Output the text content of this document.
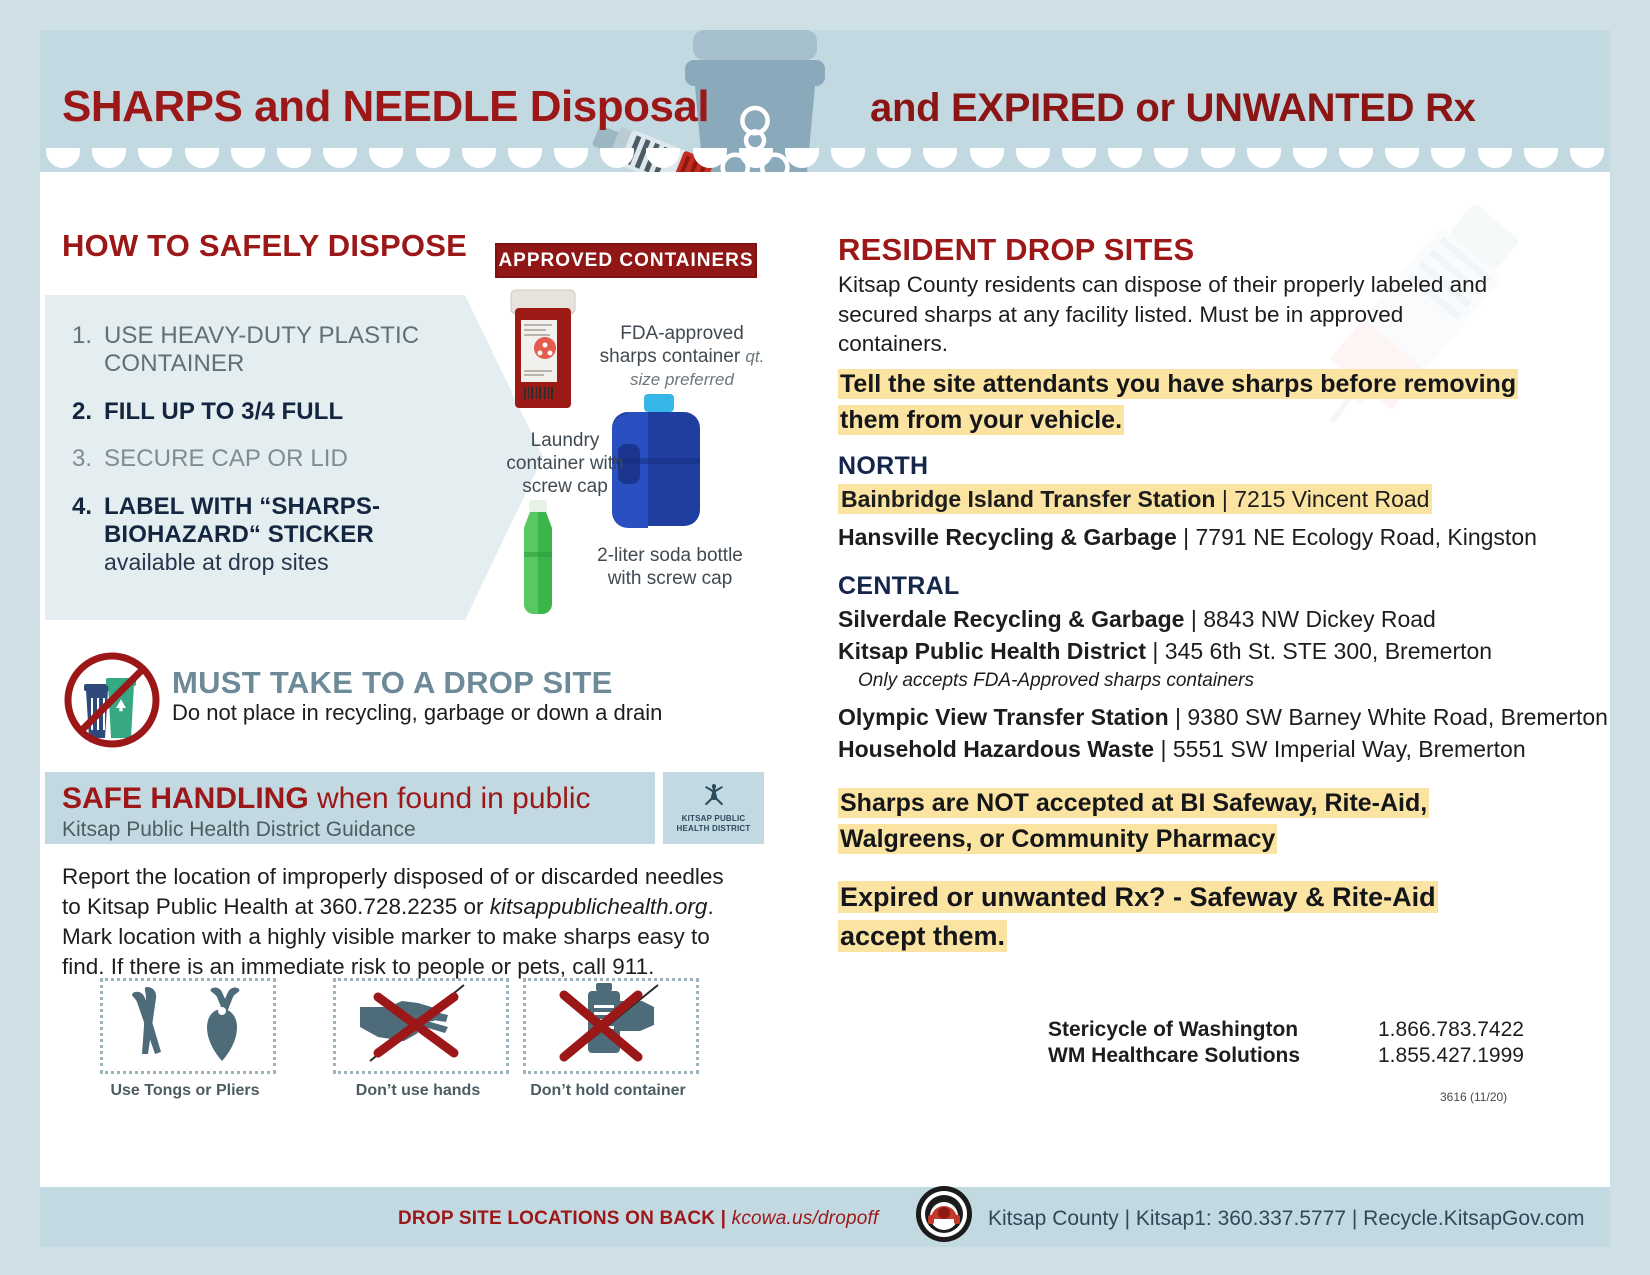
SHARPS and NEEDLE Disposal	and EXPIRED or UNWANTED Rx
HOW TO SAFELY DISPOSE
1. USE HEAVY-DUTY PLASTIC CONTAINER
2. FILL UP TO 3/4 FULL
3. SECURE CAP OR LID
4. LABEL WITH “SHARPS-BIOHAZARD“ STICKER
available at drop sites
APPROVED CONTAINERS
FDA-approved sharps container qt. size preferred
Laundry container with screw cap
2-liter soda bottle with screw cap
MUST TAKE TO A DROP SITE
Do not place in recycling, garbage or down a drain
KITSAP PUBLIC
HEALTH DISTRICT
SAFE HANDLING when found in public
Kitsap Public Health District Guidance
Report the location of improperly disposed of or discarded needles to Kitsap Public Health at 360.728.2235 or kitsappublichealth.org. Mark location with a highly visible marker to make sharps easy to find. If there is an immediate risk to people or pets, call 911.
Use Tongs or Pliers	Don’t use hands	Don’t hold container
RESIDENT DROP SITES
Kitsap County residents can dispose of their properly labeled and secured sharps at any facility listed. Must be in approved containers.
Tell the site attendants you have sharps before removing them from your vehicle.
NORTH
Bainbridge Island Transfer Station | 7215 Vincent Road
Hansville Recycling & Garbage | 7791 NE Ecology Road, Kingston
CENTRAL
Silverdale Recycling & Garbage | 8843 NW Dickey Road
Kitsap Public Health District | 345 6th St. STE 300, Bremerton
Only accepts FDA-Approved sharps containers
Olympic View Transfer Station | 9380 SW Barney White Road, Bremerton
Household Hazardous Waste | 5551 SW Imperial Way, Bremerton
Sharps are NOT accepted at BI Safeway, Rite-Aid, Walgreens, or Community Pharmacy
Expired or unwanted Rx? - Safeway & Rite-Aid accept them.
Stericycle of Washington	1.866.783.7422
WM Healthcare Solutions	1.855.427.1999
3616 (11/20)
DROP SITE LOCATIONS ON BACK | kcowa.us/dropoff	Kitsap County | Kitsap1: 360.337.5777 | Recycle.KitsapGov.com
